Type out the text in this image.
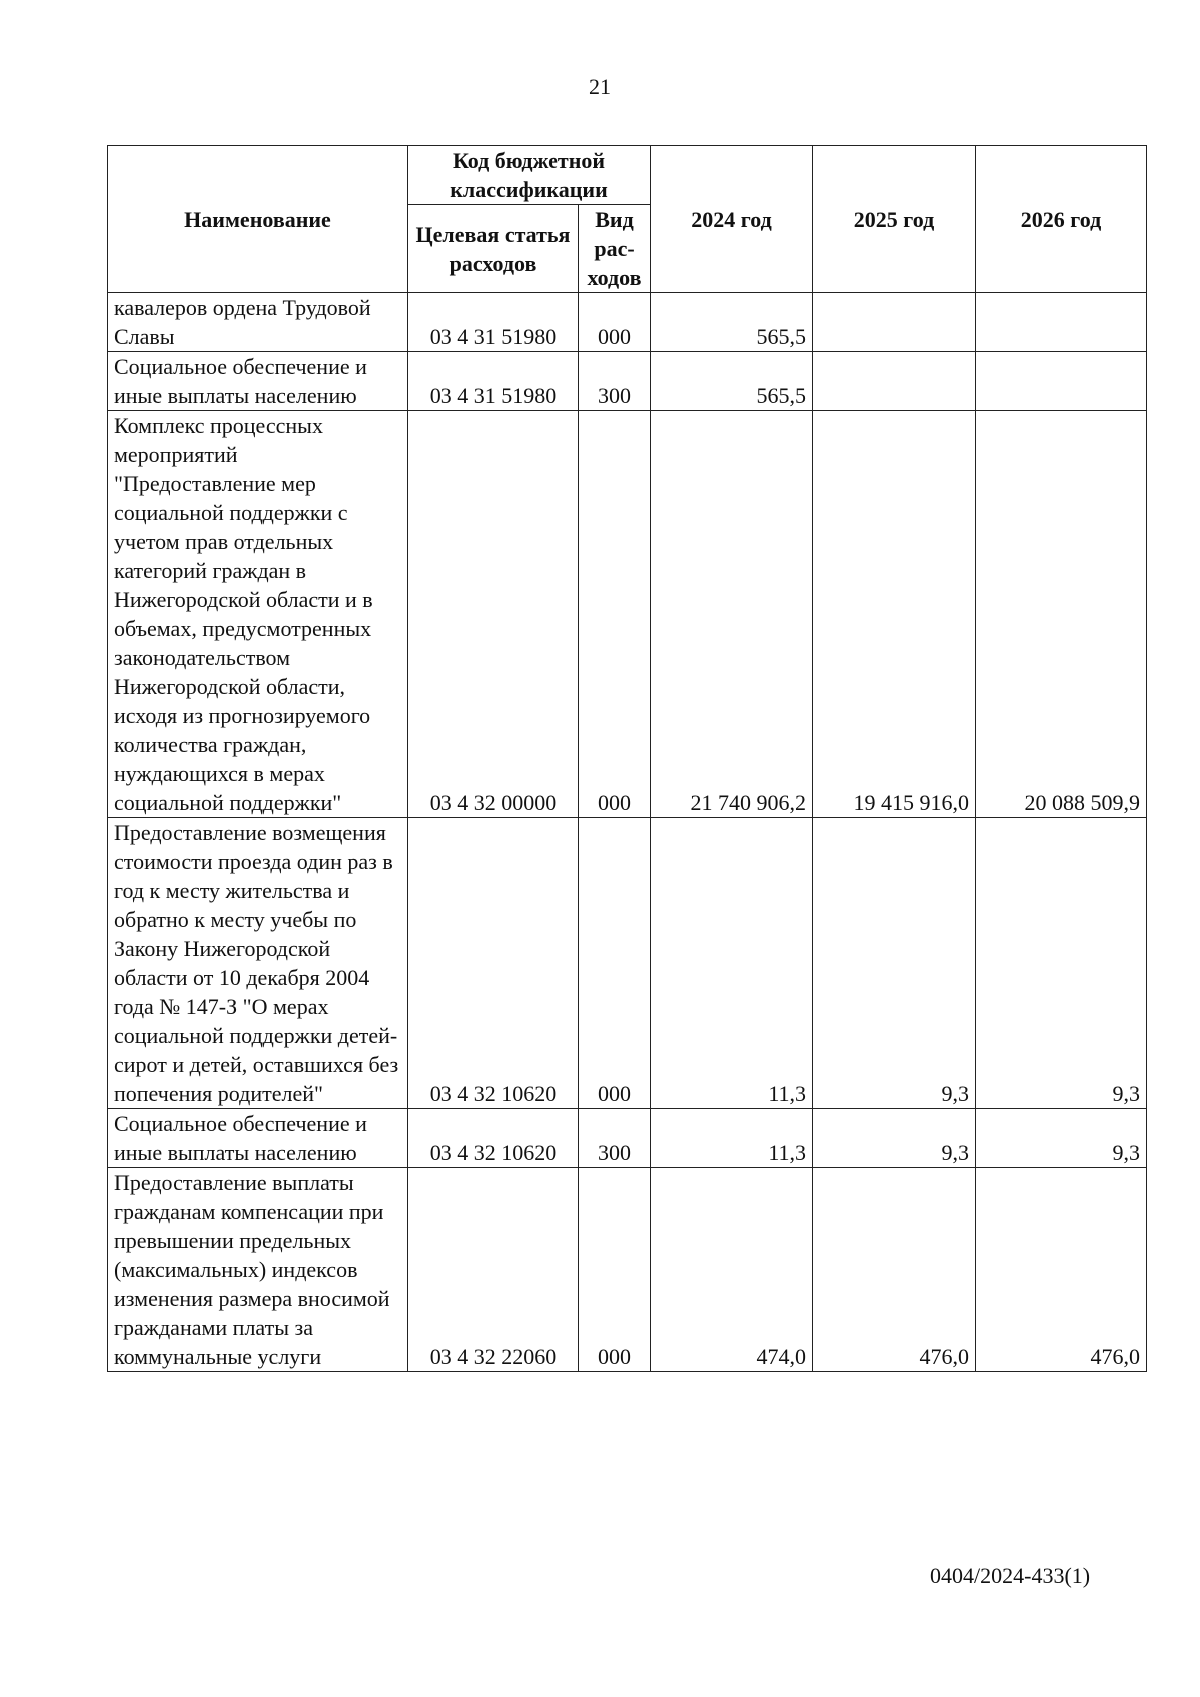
21
Наименование	Код бюджетной классификации		2024 год	2025 год	2026 год
	Целевая статья расходов	Вид рас-ходов			
кавалеров ордена Трудовой Славы	03 4 31 51980	000	565,5		
Социальное обеспечение и иные выплаты населению	03 4 31 51980	300	565,5		
Комплекс процессных мероприятий "Предоставление мер социальной поддержки с учетом прав отдельных категорий граждан в Нижегородской области и в объемах, предусмотренных законодательством Нижегородской области, исходя из прогнозируемого количества граждан, нуждающихся в мерах социальной поддержки"	03 4 32 00000	000	21 740 906,2	19 415 916,0	20 088 509,9
Предоставление возмещения стоимости проезда один раз в год к месту жительства и обратно к месту учебы по Закону Нижегородской области от 10 декабря 2004 года № 147-З "О мерах социальной поддержки детей-сирот и детей, оставшихся без попечения родителей"	03 4 32 10620	000	11,3	9,3	9,3
Социальное обеспечение и иные выплаты населению	03 4 32 10620	300	11,3	9,3	9,3
Предоставление выплаты гражданам компенсации при превышении предельных (максимальных) индексов изменения размера вносимой гражданами платы за коммунальные услуги	03 4 32 22060	000	474,0	476,0	476,0
0404/2024-433(1)
